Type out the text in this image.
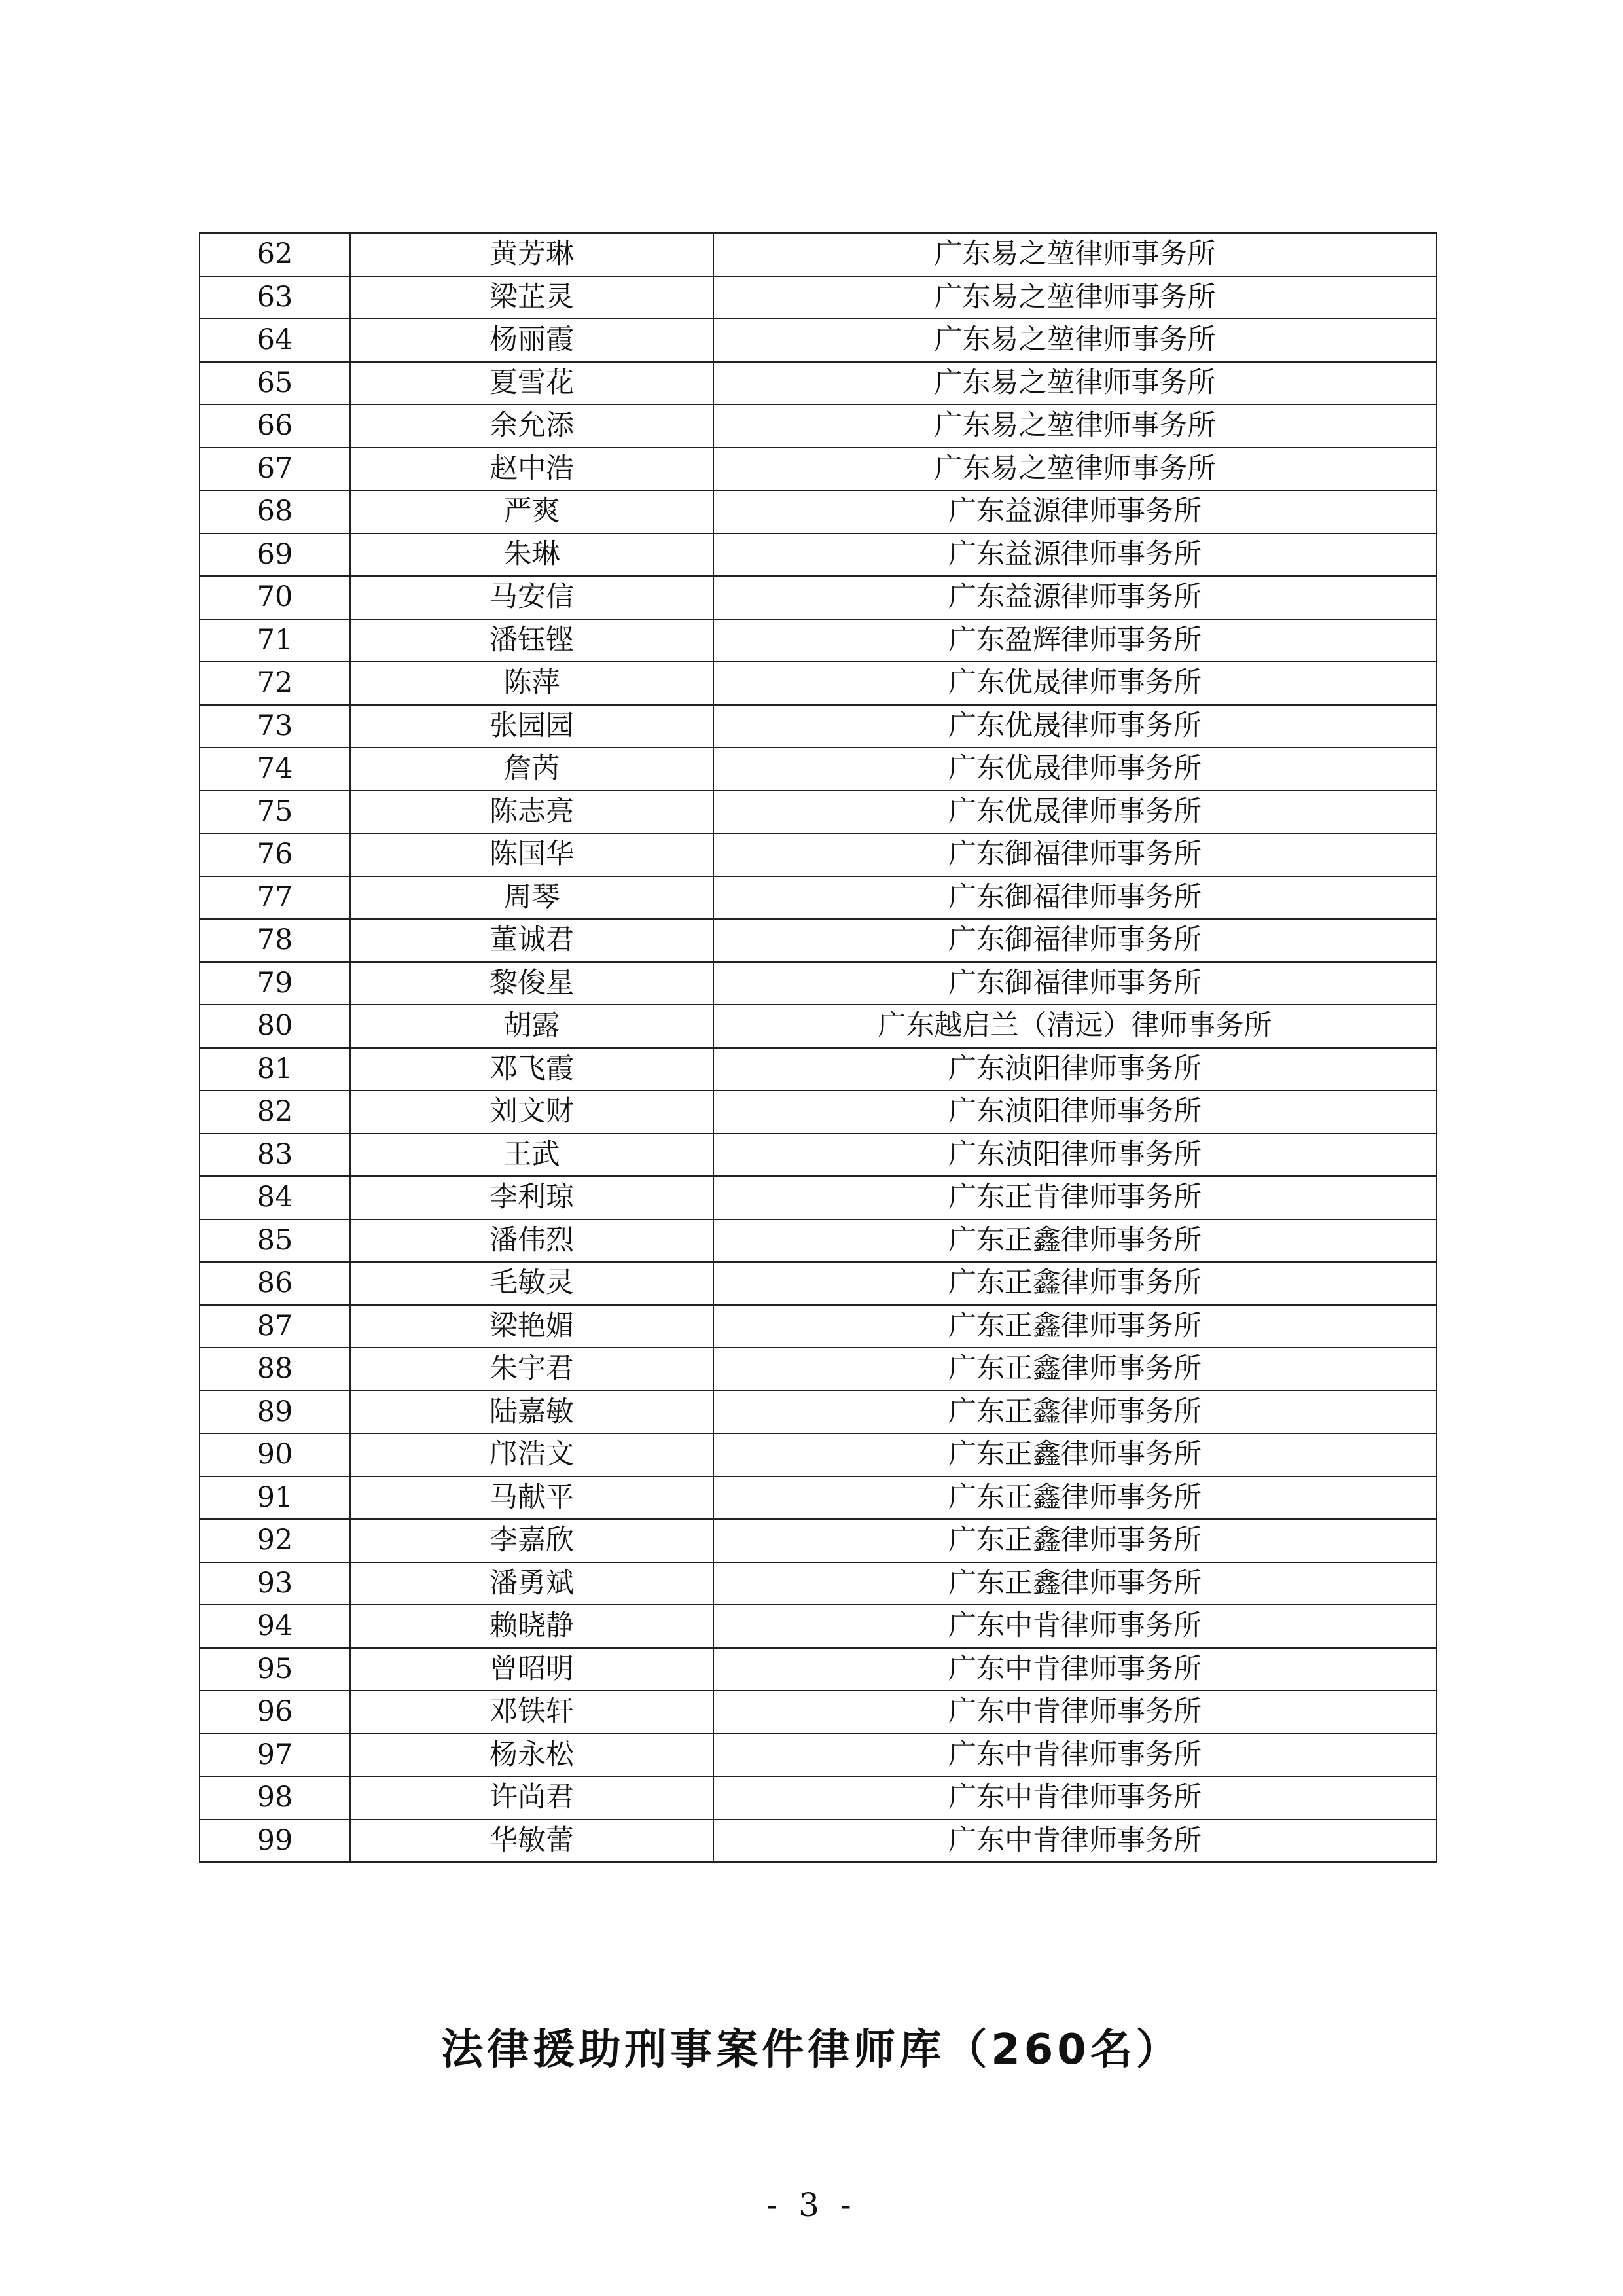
62	黄芳琳	广东易之堃律师事务所
63	梁芷灵	广东易之堃律师事务所
64	杨丽霞	广东易之堃律师事务所
65	夏雪花	广东易之堃律师事务所
66	余允添	广东易之堃律师事务所
67	赵中浩	广东易之堃律师事务所
68	严爽	广东益源律师事务所
69	朱琳	广东益源律师事务所
70	马安信	广东益源律师事务所
71	潘钰铿	广东盈辉律师事务所
72	陈萍	广东优晟律师事务所
73	张园园	广东优晟律师事务所
74	詹芮	广东优晟律师事务所
75	陈志亮	广东优晟律师事务所
76	陈国华	广东御福律师事务所
77	周琴	广东御福律师事务所
78	董诚君	广东御福律师事务所
79	黎俊星	广东御福律师事务所
80	胡露	广东越启兰（清远）律师事务所
81	邓飞霞	广东浈阳律师事务所
82	刘文财	广东浈阳律师事务所
83	王武	广东浈阳律师事务所
84	李利琼	广东正肯律师事务所
85	潘伟烈	广东正鑫律师事务所
86	毛敏灵	广东正鑫律师事务所
87	梁艳媚	广东正鑫律师事务所
88	朱宇君	广东正鑫律师事务所
89	陆嘉敏	广东正鑫律师事务所
90	邝浩文	广东正鑫律师事务所
91	马献平	广东正鑫律师事务所
92	李嘉欣	广东正鑫律师事务所
93	潘勇斌	广东正鑫律师事务所
94	赖晓静	广东中肯律师事务所
95	曾昭明	广东中肯律师事务所
96	邓铁轩	广东中肯律师事务所
97	杨永松	广东中肯律师事务所
98	许尚君	广东中肯律师事务所
99	华敏蕾	广东中肯律师事务所
法律援助刑事案件律师库（260名）
- 3 -
